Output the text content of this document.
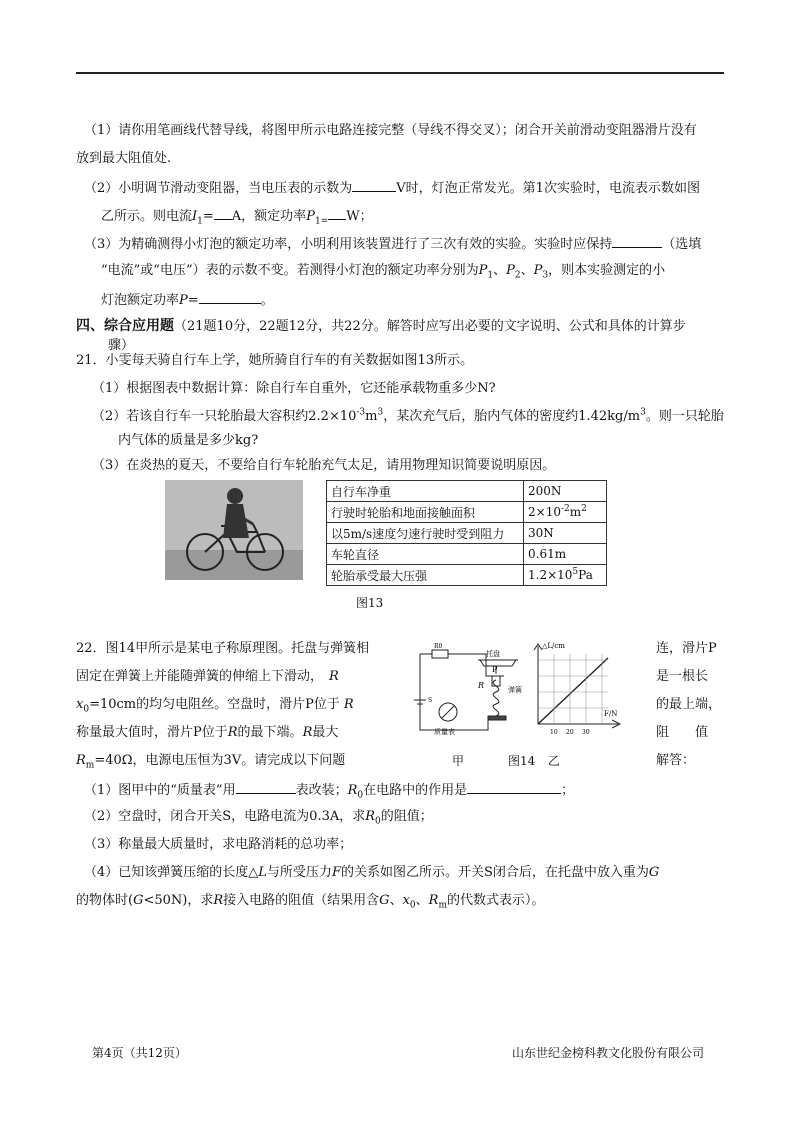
（1）请你用笔画线代替导线，将图甲所示电路连接完整（导线不得交叉）；闭合开关前滑动变阻器滑片没有
放到最大阻值处.
（2）小明调节滑动变阻器，当电压表的示数为	V时，灯泡正常发光。第1次实验时，电流表示数如图
乙所示。则电流$I_1= A$，额定功率$P_{1=}$ W；
（3）为精确测得小灯泡的额定功率，小明利用该装置进行了三次有效的实验。实验时应保持	（选填
“电流”或“电压”）表的示数不变。若测得小灯泡的额定功率分别为$P_1$、$P_2$、$P_3$，则本实验测定的小
灯泡额定功率P=	。
四、综合应用题（21题10分，22题12分，共22分。解答时应写出必要的文字说明、公式和具体的计算步
骤）
21．小雯每天骑自行车上学，她所骑自行车的有关数据如图13所示。
（1）根据图表中数据计算：除自行车自重外，它还能承载物重多少N?
（2）若该自行车一只轮胎最大容积约$2.2\times 10^{-3}m^3$，某次充气后，胎内气体的密度约$1.42kg/m^3$。则一只轮胎
内气体的质量是多少kg?
（3）在炎热的夏天，不要给自行车轮胎充气太足，请用物理知识简要说明原因。
自行车净重	200N
行驶时轮胎和地面接触面积	$2\times 10^{-2}m^2$
以5m/s速度匀速行驶时受到阻力	30N
车轮直径	0.61m
轮胎承受最大压强	$1.2\times 10^5Pa$
图13
22．图14甲所示是某电子称原理图。托盘与弹簧相	连，滑片P
固定在弹簧上并能随弹簧的伸缩上下滑动， R	是一根长
$x_0=10cm$的均匀电阻丝。空盘时，滑片P位于 R	的最上端，
称量最大值时，滑片P位于R的最下端。R最大	阻　　值
$R_m=40\Omega$，电源电压恒为3V。请完成以下问题	解答：
托盘
弹簧
质量表
P
R
R0
S
△L/cm
F/N
10 20 30
甲	图14 乙
（1）图甲中的“质量表”用	表改装；$R_0$在电路中的作用是	；
（2）空盘时，闭合开关S，电路电流为0.3A，求$R_0$的阻值；
（3）称量最大质量时，求电路消耗的总功率；
（4）已知该弹簧压缩的长度△L与所受压力F的关系如图乙所示。开关S闭合后，在托盘中放入重为G
的物体时(G<50N)，求R接入电路的阻值（结果用含G、$x_0$、$R_m$的代数式表示）。
第4页（共12页）	山东世纪金榜科教文化股份有限公司
